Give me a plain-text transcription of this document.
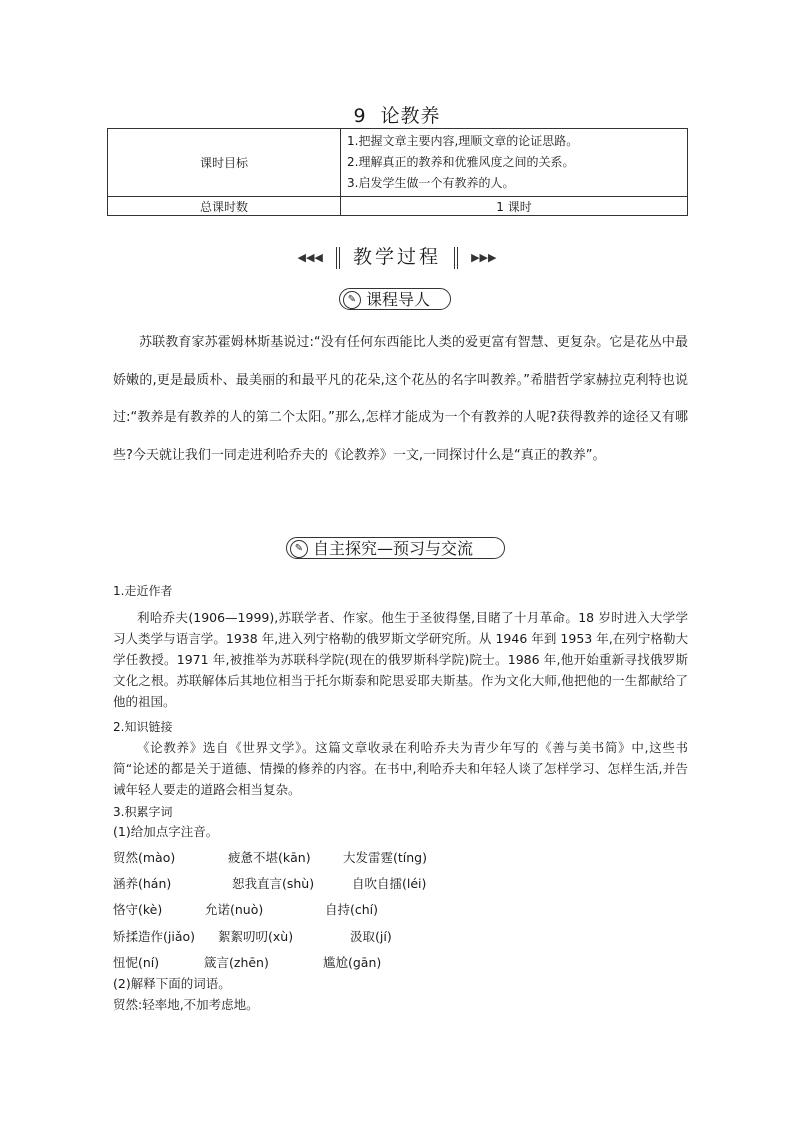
9 论教养
课时目标	1.把握文章主要内容,理顺文章的论证思路。
2.理解真正的教养和优雅风度之间的关系。
3.启发学生做一个有教养的人。

总课时数	1 课时
◀◀◀ 教学过程	▶▶▶
✎ 课程导人
苏联教育家苏霍姆林斯基说过:“没有任何东西能比人类的爱更富有智慧、更复杂。它是花丛中最娇嫩的,更是最质朴、最美丽的和最平凡的花朵,这个花丛的名字叫教养。”希腊哲学家赫拉克利特也说过:“教养是有教养的人的第二个太阳。”那么,怎样才能成为一个有教养的人呢?获得教养的途径又有哪些?今天就让我们一同走进利哈乔夫的《论教养》一文,一同探讨什么是“真正的教养”。
✎ 自主探究—预习与交流
1.走近作者
利哈乔夫(1906—1999),苏联学者、作家。他生于圣彼得堡,目睹了十月革命。18 岁时进入大学学习人类学与语言学。1938 年,进入列宁格勒的俄罗斯文学研究所。从 1946 年到 1953 年,在列宁格勒大学任教授。1971 年,被推举为苏联科学院(现在的俄罗斯科学院)院士。1986 年,他开始重新寻找俄罗斯文化之根。苏联解体后其地位相当于托尔斯泰和陀思妥耶夫斯基。作为文化大师,他把他的一生都献给了他的祖国。
2.知识链接
《论教养》选自《世界文学》。这篇文章收录在利哈乔夫为青少年写的《善与美书简》中,这些书简“论述的都是关于道德、情操的修养的内容。在书中,利哈乔夫和年轻人谈了怎样学习、怎样生活,并告诫年轻人要走的道路会相当复杂。
3.积累字词
(1)给加点字注音。
贸然(mào)	疲惫不堪(kān)	大发雷霆(tíng)
涵养(hán)	恕我直言(shù)	自吹自擂(léi)
恪守(kè)	允诺(nuò)	自持(chí)
矫揉造作(jiǎo) 絮絮叨叨(xù)	汲取(jí)
忸怩(ní)	箴言(zhēn)	尴尬(gān)
(2)解释下面的词语。
贸然:轻率地,不加考虑地。
